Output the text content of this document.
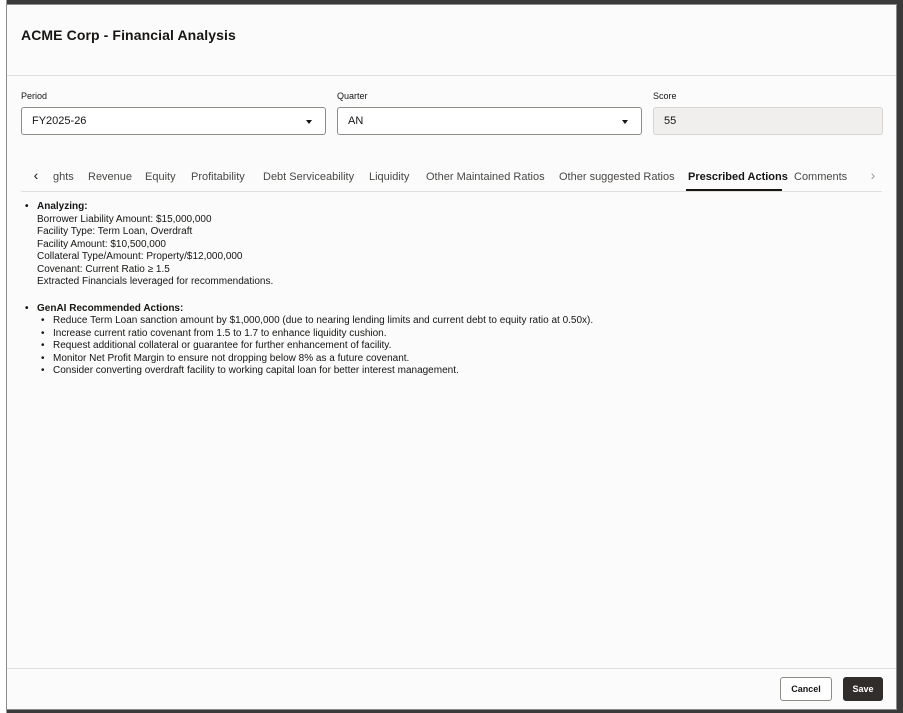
ACME Corp - Financial Analysis
Period
FY2025-26
Quarter
AN
Score
55
‹	ghts Revenue Equity Profitability Debt Serviceability Liquidity Other Maintained Ratios Other suggested Ratios Prescribed Actions Comments	›
• Analyzing:
Borrower Liability Amount: $15,000,000
Facility Type: Term Loan, Overdraft
Facility Amount: $10,500,000
Collateral Type/Amount: Property/$12,000,000
Covenant: Current Ratio ≥ 1.5
Extracted Financials leveraged for recommendations.
• GenAI Recommended Actions:
• Reduce Term Loan sanction amount by $1,000,000 (due to nearing lending limits and current debt to equity ratio at 0.50x).
• Increase current ratio covenant from 1.5 to 1.7 to enhance liquidity cushion.
• Request additional collateral or guarantee for further enhancement of facility.
• Monitor Net Profit Margin to ensure not dropping below 8% as a future covenant.
• Consider converting overdraft facility to working capital loan for better interest management.
Cancel	Save
